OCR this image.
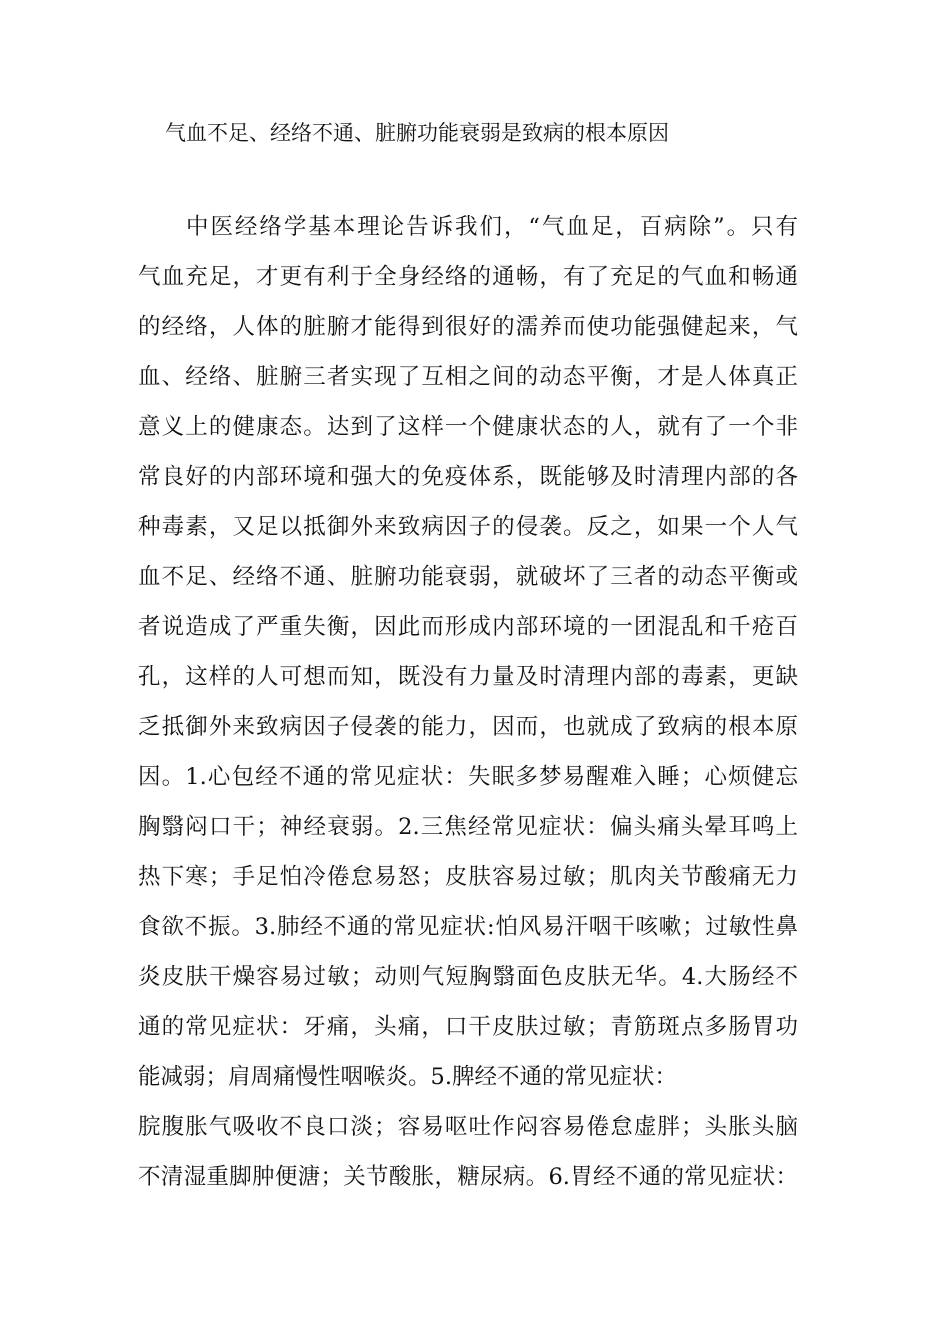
气血不足、经络不通、脏腑功能衰弱是致病的根本原因
中医经络学基本理论告诉我们，“气血足，百病除”。只有
气血充足，才更有利于全身经络的通畅，有了充足的气血和畅通
的经络，人体的脏腑才能得到很好的濡养而使功能强健起来，气
血、经络、脏腑三者实现了互相之间的动态平衡，才是人体真正
意义上的健康态。达到了这样一个健康状态的人，就有了一个非
常良好的内部环境和强大的免疫体系，既能够及时清理内部的各
种毒素，又足以抵御外来致病因子的侵袭。反之，如果一个人气
血不足、经络不通、脏腑功能衰弱，就破坏了三者的动态平衡或
者说造成了严重失衡，因此而形成内部环境的一团混乱和千疮百
孔，这样的人可想而知，既没有力量及时清理内部的毒素，更缺
乏抵御外来致病因子侵袭的能力，因而，也就成了致病的根本原
因。1.心包经不通的常见症状：失眠多梦易醒难入睡；心烦健忘
胸翳闷口干；神经衰弱。2.三焦经常见症状：偏头痛头晕耳鸣上
热下寒；手足怕冷倦怠易怒；皮肤容易过敏；肌肉关节酸痛无力
食欲不振。3.肺经不通的常见症状:怕风易汗咽干咳嗽；过敏性鼻
炎皮肤干燥容易过敏；动则气短胸翳面色皮肤无华。4.大肠经不
通的常见症状：牙痛，头痛，口干皮肤过敏；青筋斑点多肠胃功
能减弱；肩周痛慢性咽喉炎。5.脾经不通的常见症状：
脘腹胀气吸收不良口淡；容易呕吐作闷容易倦怠虚胖；头胀头脑
不清湿重脚肿便溏；关节酸胀，糖尿病。6.胃经不通的常见症状：
